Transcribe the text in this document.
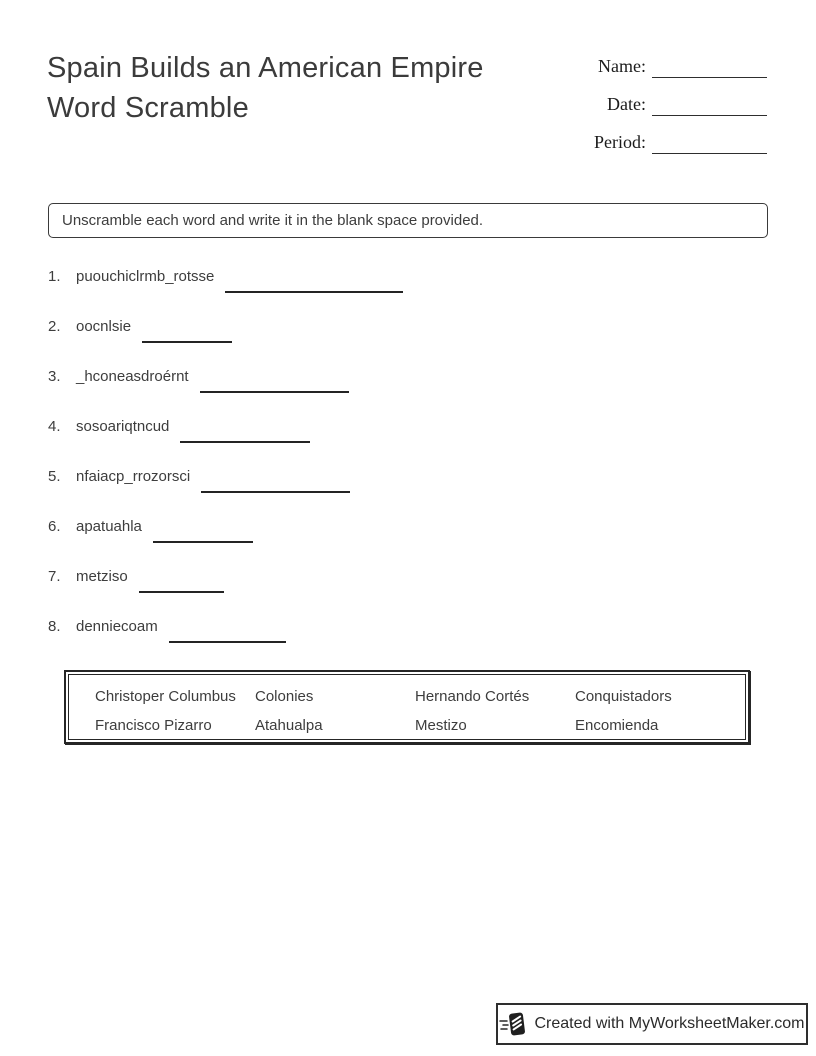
Spain Builds an American Empire
Word Scramble
Name:
Date:
Period:
Unscramble each word and write it in the blank space provided.
1.	puouchiclrmb_rotsse
2.	oocnlsie
3.	_hconeasdroérnt
4.	sosoariqtncud
5.	nfaiacp_rrozorsci
6.	apatuahla
7.	metziso
8.	denniecoam
Christoper Columbus	Colonies	Hernando Cortés	Conquistadors
Francisco Pizarro	Atahualpa	Mestizo	Encomienda
Created with MyWorksheetMaker.com
